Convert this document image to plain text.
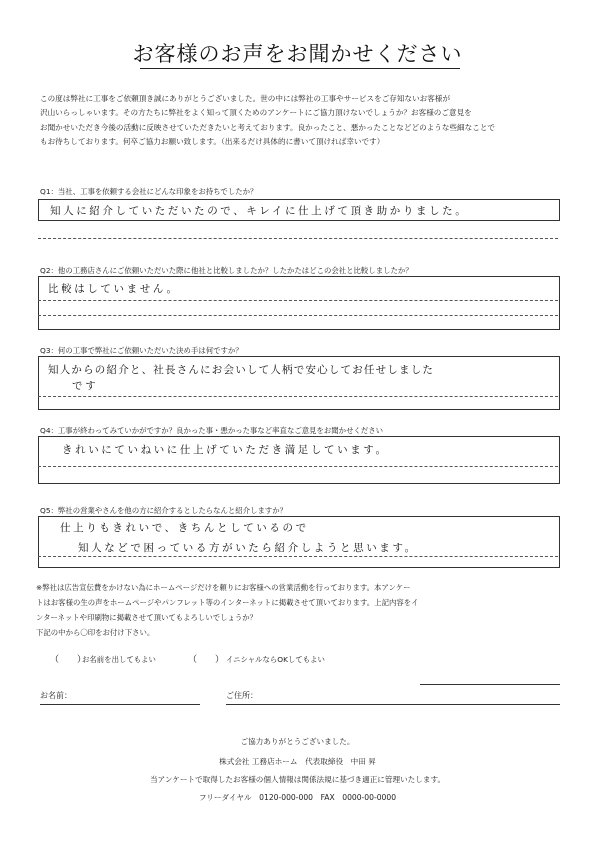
お客様のお声をお聞かせください

この度は弊社に工事をご依頼頂き誠にありがとうございました。世の中には弊社の工事やサービスをご存知ないお客様が

沢山いらっしゃいます。その方たちに弊社をよく知って頂くためのアンケートにご協力頂けないでしょうか？お客様のご意見を

お聞かせいただき今後の活動に反映させていただきたいと考えております。良かったこと、悪かったことなどどのような些細なことで

もお待ちしております。何卒ご協力お願い致します。（出来るだけ具体的に書いて頂ければ幸いです）

Q1：当社、工事を依頼する会社にどんな印象をお持ちでしたか？
知人に紹介していただいたので、キレイに仕上げて頂き助かりました。
Q2：他の工務店さんにご依頼いただいた際に他社と比較しましたか？したかたはどこの会社と比較しましたか？
比較はしていません。
Q3：何の工事で弊社にご依頼いただいた決め手は何ですか？
知人からの紹介と、社長さんにお会いして人柄で安心してお任せしました
です
Q4：工事が終わってみていかがですか？良かった事・悪かった事など率直なご意見をお聞かせください
きれいにていねいに仕上げていただき満足しています。
Q5：弊社の営業やさんを他の方に紹介するとしたらなんと紹介しますか？
仕上りもきれいで、きちんとしているので
知人などで困っている方がいたら紹介しようと思います。

※弊社は広告宣伝費をかけない為にホームページだけを頼りにお客様への営業活動を行っております。本アンケー

トはお客様の生の声をホームページやパンフレット等のインターネットに掲載させて頂いております。上記内容をイ

ンターネットや印刷物に掲載させて頂いてもよろしいでしょうか？

下記の中から〇印をお付け下さい。

（　　）
お名前を出してもよい	（　　） イニシャルならOKしてもよい
お名前：	ご住所：
ご協力ありがとうございました。
株式会社 工務店ホーム　代表取締役　中田 昇
当アンケートで取得したお客様の個人情報は関係法規に基づき適正に管理いたします。
フリーダイヤル　0120-000-000　FAX　0000-00-0000
